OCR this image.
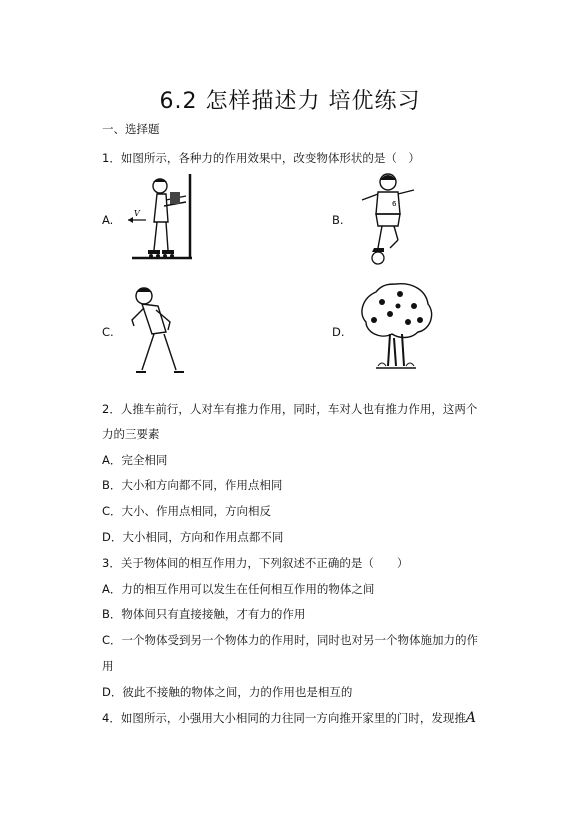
6.2 怎样描述力 培优练习
一、选择题
1．如图所示，各种力的作用效果中，改变物体形状的是（　）
A.	B.
C.	D.
V
6
2．人推车前行，人对车有推力作用，同时，车对人也有推力作用，这两个
力的三要素
A．完全相同
B．大小和方向都不同，作用点相同
C．大小、作用点相同，方向相反
D．大小相同，方向和作用点都不同
3．关于物体间的相互作用力，下列叙述不正确的是（　　）
A．力的相互作用可以发生在任何相互作用的物体之间
B．物体间只有直接接触，才有力的作用
C．一个物体受到另一个物体力的作用时，同时也对另一个物体施加力的作
用
D．彼此不接触的物体之间，力的作用也是相互的
4．如图所示，小强用大小相同的力往同一方向推开家里的门时，发现推A
